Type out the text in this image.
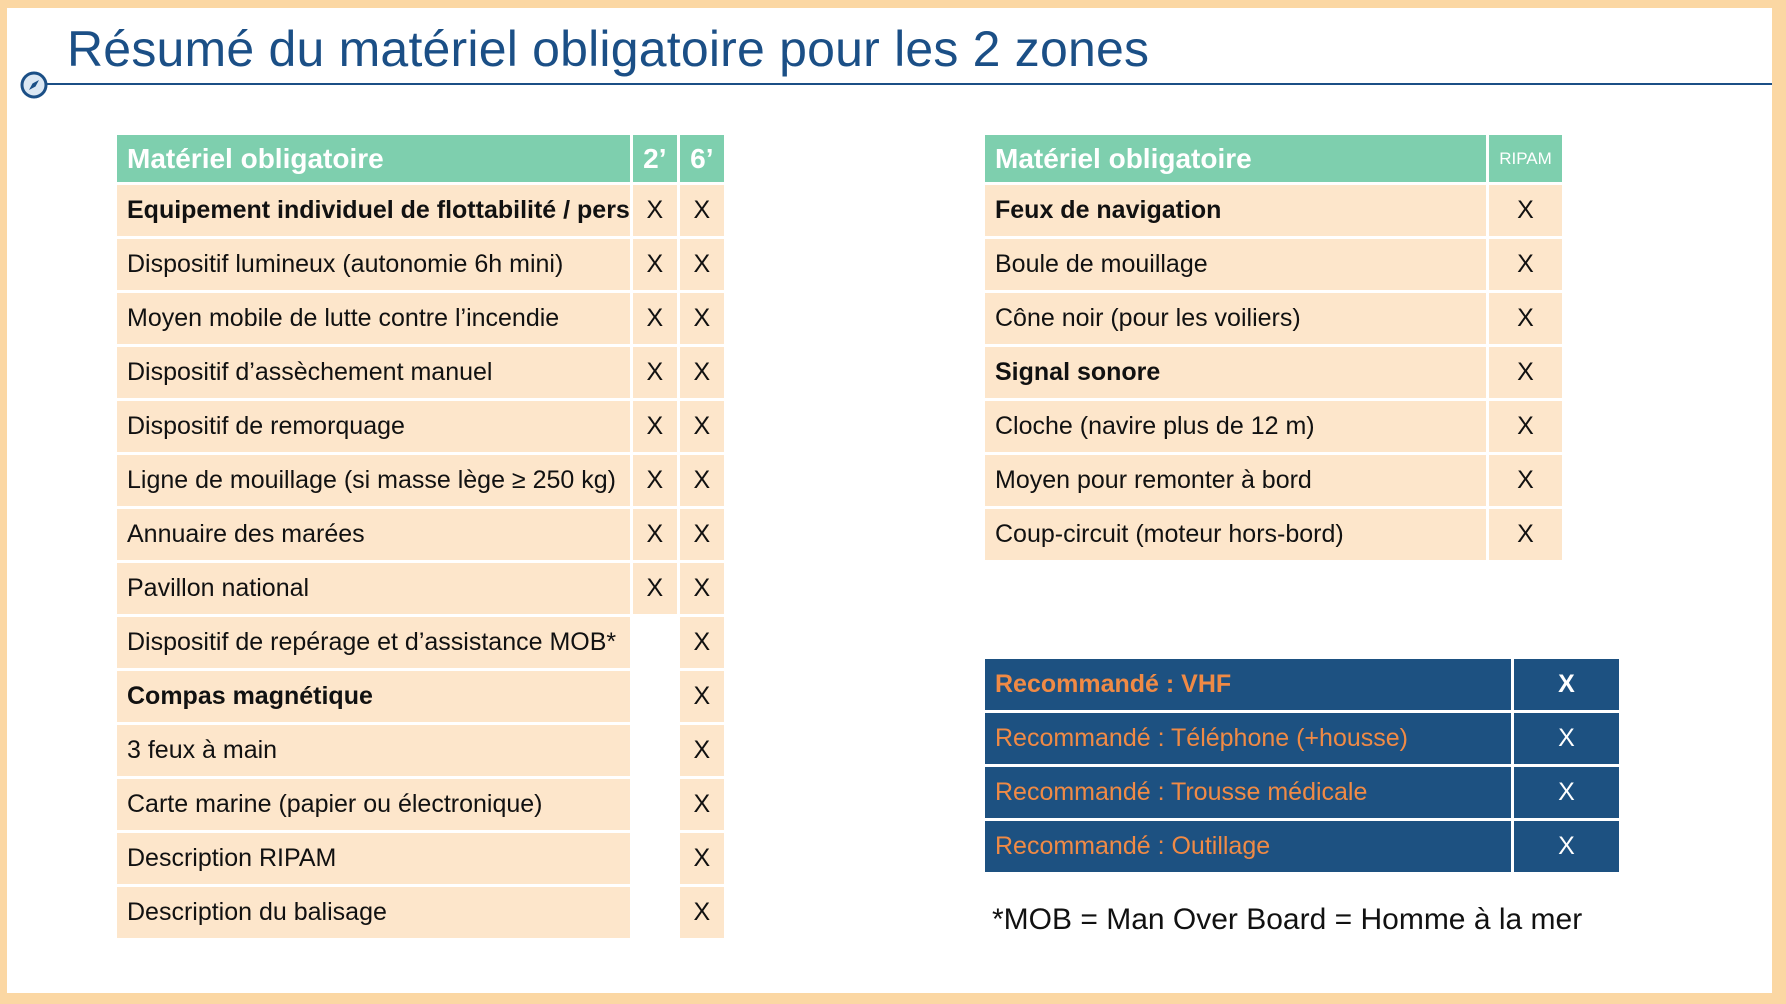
Résumé du matériel obligatoire pour les 2 zones
Matériel obligatoire	2’	6’
Equipement individuel de flottabilité / pers	X	X
Dispositif lumineux (autonomie 6h mini)	X	X
Moyen mobile de lutte contre l’incendie	X	X
Dispositif d’assèchement manuel	X	X
Dispositif de remorquage	X	X
Ligne de mouillage (si masse lège ≥ 250 kg)	X	X
Annuaire des marées	X	X
Pavillon national	X	X
Dispositif de repérage et d’assistance MOB*		X
Compas magnétique		X
3 feux à main		X
Carte marine (papier ou électronique)		X
Description RIPAM		X
Description du balisage		X
Matériel obligatoire	RIPAM
Feux de navigation	X
Boule de mouillage	X
Cône noir (pour les voiliers)	X
Signal sonore	X
Cloche (navire plus de 12 m)	X
Moyen pour remonter à bord	X
Coup-circuit (moteur hors-bord)	X
Recommandé : VHF	X
Recommandé : Téléphone (+housse)	X
Recommandé : Trousse médicale	X
Recommandé : Outillage	X
*MOB = Man Over Board = Homme à la mer
